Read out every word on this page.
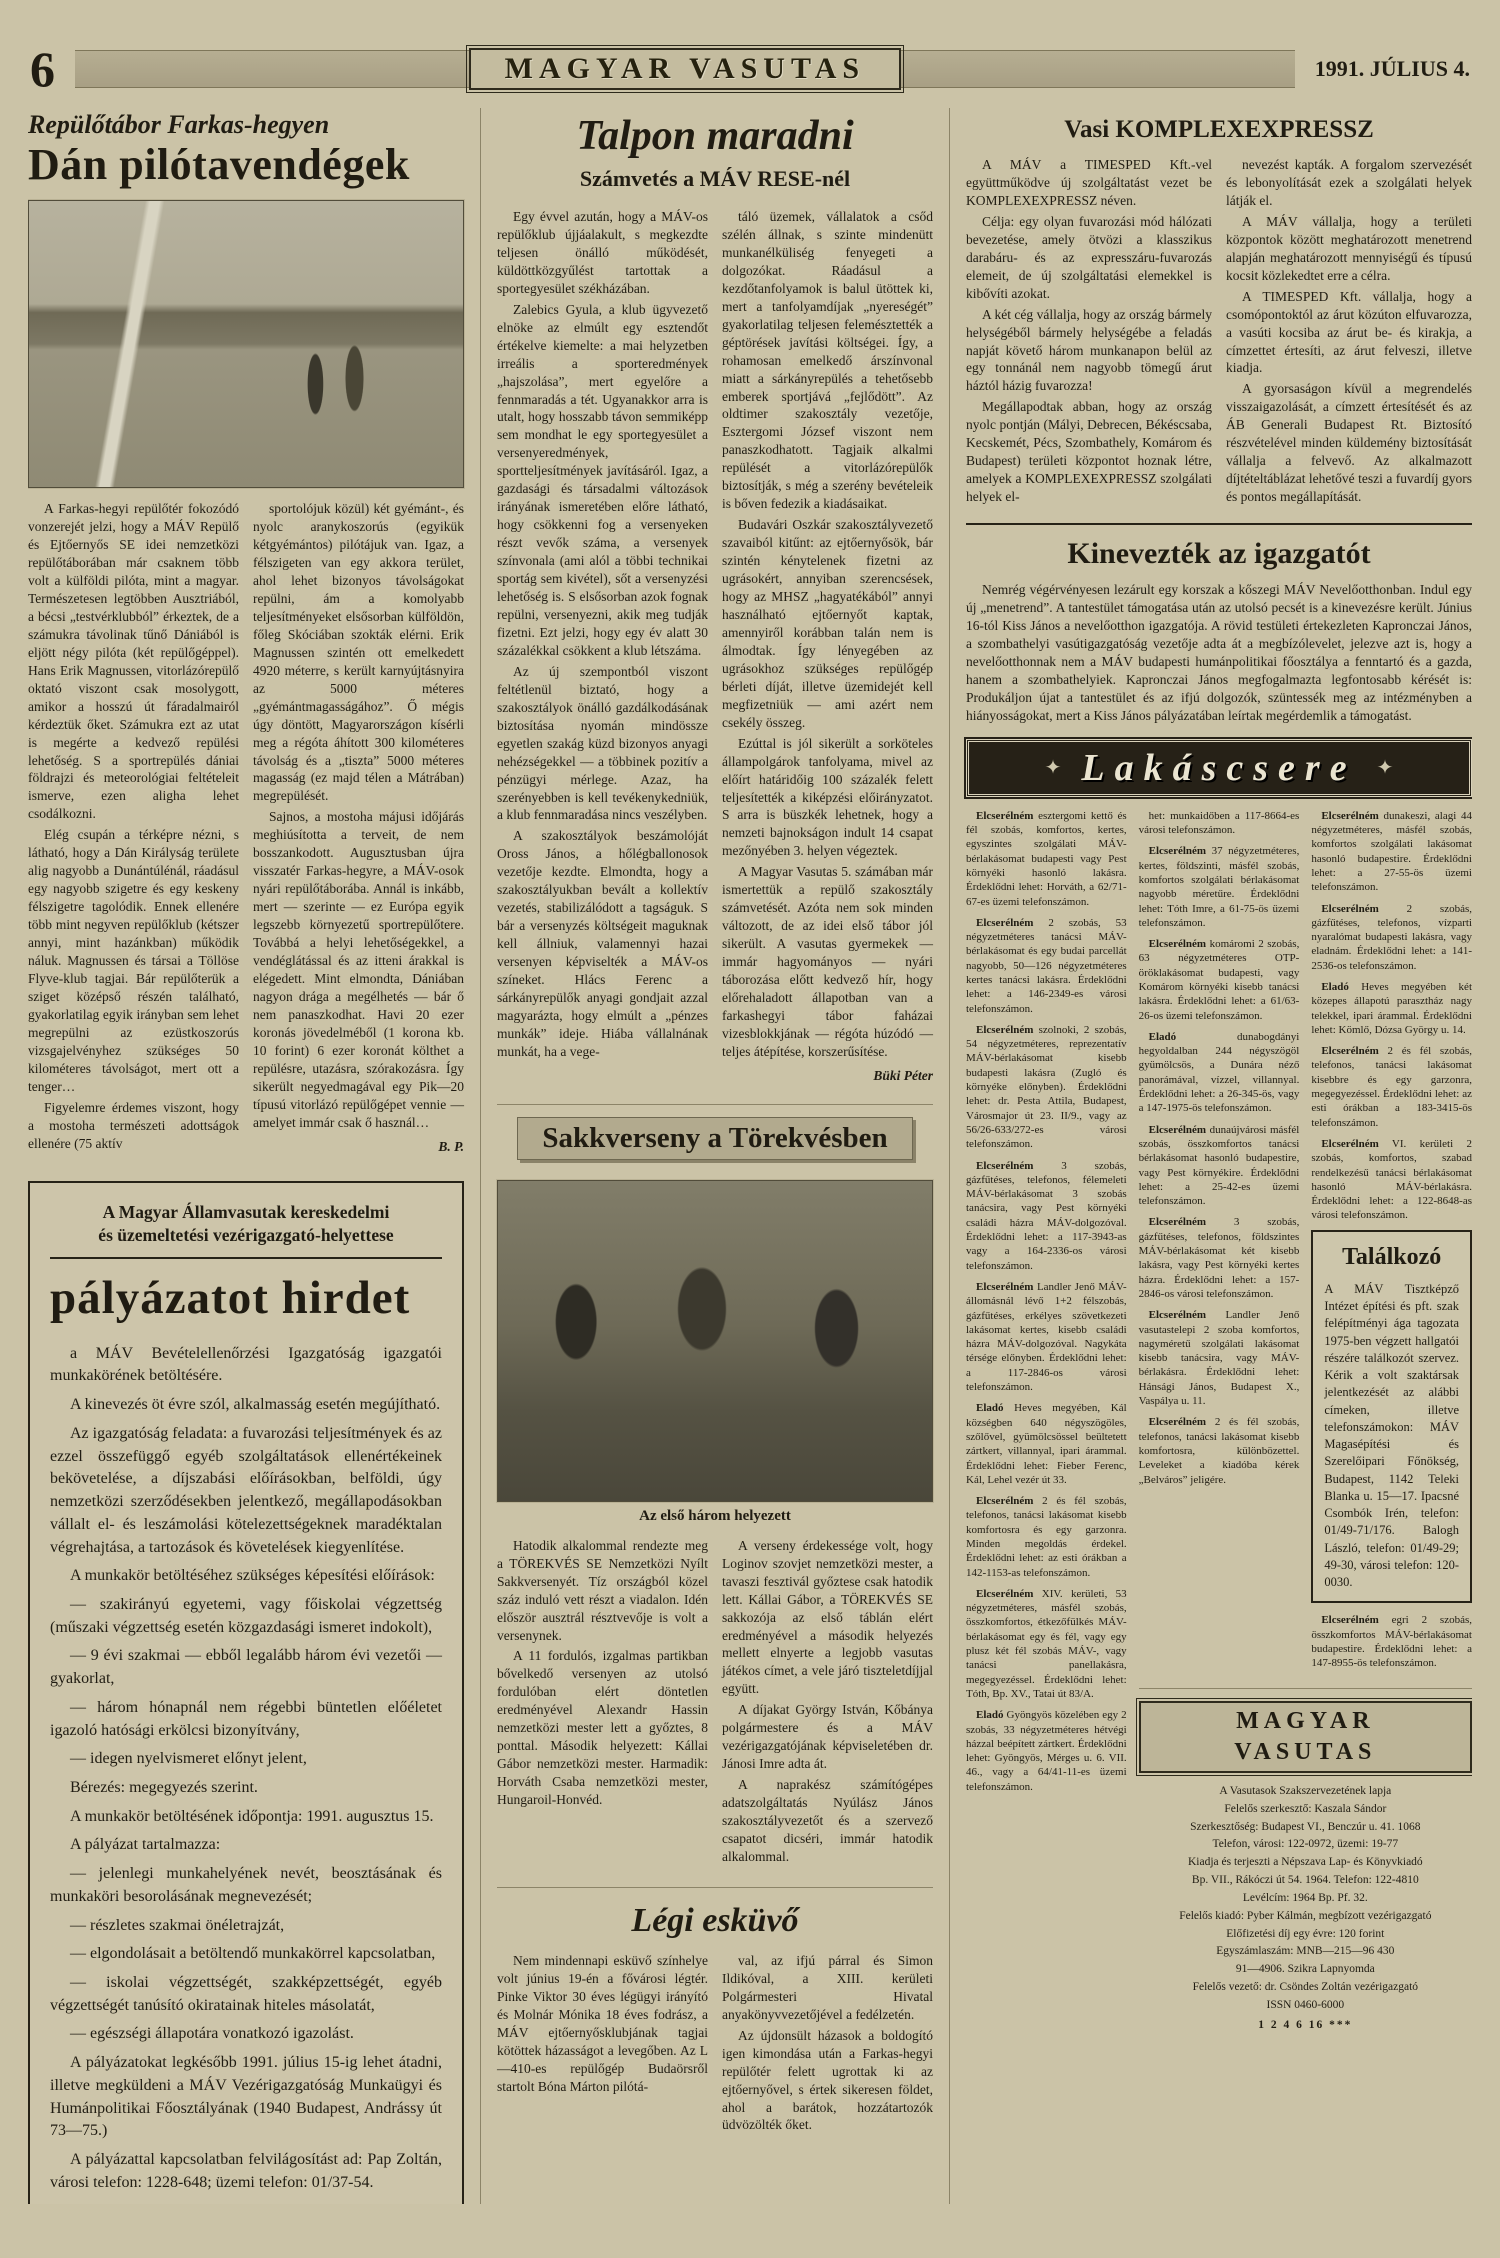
6	MAGYAR VASUTAS	1991. JÚLIUS 4.
Repülőtábor Farkas-hegyen
Dán pilótavendégek

A Farkas-hegyi repülőtér fokozódó vonzerejét jelzi, hogy a MÁV Repülő és Ejtőernyős SE idei nemzetközi repülőtáborában már csaknem több volt a külföldi pilóta, mint a magyar. Természetesen legtöbben Ausztriából, a bécsi „testvérklubból” érkeztek, de a számukra távolinak tűnő Dániából is eljött négy pilóta (két repülőgéppel). Hans Erik Magnussen, vitorlázórepülő oktató viszont csak mosolygott, amikor a hosszú út fáradalmairól kérdeztük őket. Számukra ezt az utat is megérte a kedvező repülési lehetőség. S a sportrepülés dániai földrajzi és meteorológiai feltételeit ismerve, ezen aligha lehet csodálkozni.

Elég csupán a térképre nézni, s látható, hogy a Dán Királyság területe alig nagyobb a Dunántúlénál, ráadásul egy nagyobb szigetre és egy keskeny félszigetre tagolódik. Ennek ellenére több mint negyven repülőklub (kétszer annyi, mint hazánkban) működik náluk. Magnussen és társai a Töllöse Flyve-klub tagjai. Bár repülőterük a sziget középső részén található, gyakorlatilag egyik irányban sem lehet megrepülni az ezüstkoszorús vizsgajelvényhez szükséges 50 kilométeres távolságot, mert ott a tenger…

Figyelemre érdemes viszont, hogy a mostoha természeti adottságok ellenére (75 aktív

sportolójuk közül) két gyémánt-, és nyolc aranykoszorús (egyikük kétgyémántos) pilótájuk van. Igaz, a félszigeten van egy akkora terület, ahol lehet bizonyos távolságokat repülni, ám a komolyabb teljesítményeket elsősorban külföldön, főleg Skóciában szokták elérni. Erik Magnussen szintén ott emelkedett 4920 méterre, s került karnyújtásnyira az 5000 méteres „gyémántmagasságához”. Ő mégis úgy döntött, Magyarországon kísérli meg a régóta áhított 300 kilométeres távolság és a „tiszta” 5000 méteres magasság (ez majd télen a Mátrában) megrepülését.

Sajnos, a mostoha májusi időjárás meghiúsította a terveit, de nem bosszankodott. Augusztusban újra visszatér Farkas-hegyre, a MÁV-osok nyári repülőtáborába. Annál is inkább, mert — szerinte — ez Európa egyik legszebb környezetű sportrepülőtere. Továbbá a helyi lehetőségekkel, a vendéglátással és az itteni árakkal is elégedett. Mint elmondta, Dániában nagyon drága a megélhetés — bár ő nem panaszkodhat. Havi 20 ezer koronás jövedelméből (1 korona kb. 10 forint) 6 ezer koronát költhet a repülésre, utazásra, szórakozásra. Így sikerült negyedmagával egy Pik—20 típusú vitorlázó repülőgépet vennie — amelyet immár csak ő használ…

B. P.

A Magyar Államvasutak kereskedelmi
és üzemeltetési vezérigazgató-helyettese
pályázatot hirdet

a MÁV Bevételellenőrzési Igazgatóság igazgatói munkakörének betöltésére.

A kinevezés öt évre szól, alkalmasság esetén megújítható.

Az igazgatóság feladata: a fuvarozási teljesítmények és az ezzel összefüggő egyéb szolgáltatások ellenértékeinek bekövetelése, a díjszabási előírásokban, belföldi, úgy nemzetközi szerződésekben jelentkező, megállapodásokban vállalt el- és leszámolási kötelezettségeknek maradéktalan végrehajtása, a tartozások és követelések kiegyenlítése.

A munkakör betöltéséhez szükséges képesítési előírások:

— szakirányú egyetemi, vagy főiskolai végzettség (műszaki végzettség esetén közgazdasági ismeret indokolt),

— 9 évi szakmai — ebből legalább három évi vezetői — gyakorlat,

— három hónapnál nem régebbi büntetlen előéletet igazoló hatósági erkölcsi bizonyítvány,

— idegen nyelvismeret előnyt jelent,

Bérezés: megegyezés szerint.

A munkakör betöltésének időpontja: 1991. augusztus 15.

A pályázat tartalmazza:

— jelenlegi munkahelyének nevét, beosztásának és munkaköri besorolásának megnevezését;

— részletes szakmai önéletrajzát,

— elgondolásait a betöltendő munkakörrel kapcsolatban,

— iskolai végzettségét, szakképzettségét, egyéb végzettségét tanúsító okiratainak hiteles másolatát,

— egészségi állapotára vonatkozó igazolást.

A pályázatokat legkésőbb 1991. július 15-ig lehet átadni, illetve megküldeni a MÁV Vezérigazgatóság Munkaügyi és Humánpolitikai Főosztályának (1940 Budapest, Andrássy út 73—75.)

A pályázattal kapcsolatban felvilágosítást ad: Pap Zoltán, városi telefon: 1228-648; üzemi telefon: 01/37-54.

Talpon maradni
Számvetés a MÁV RESE-nél

Egy évvel azután, hogy a MÁV-os repülőklub újjáalakult, s megkezdte teljesen önálló működését, küldöttközgyűlést tartottak a sportegyesület székházában.

Zalebics Gyula, a klub ügyvezető elnöke az elmúlt egy esztendőt értékelve kiemelte: a mai helyzetben irreális a sporteredmények „hajszolása”, mert egyelőre a fennmaradás a tét. Ugyanakkor arra is utalt, hogy hosszabb távon semmiképp sem mondhat le egy sportegyesület a versenyeredmények, sportteljesítmények javításáról. Igaz, a gazdasági és társadalmi változások irányának ismeretében előre látható, hogy csökkenni fog a versenyeken részt vevők száma, a versenyek színvonala (ami alól a többi technikai sportág sem kivétel), sőt a versenyzési lehetőség is. S elsősorban azok fognak repülni, versenyezni, akik meg tudják fizetni. Ezt jelzi, hogy egy év alatt 30 százalékkal csökkent a klub létszáma.

Az új szempontból viszont feltétlenül biztató, hogy a szakosztályok önálló gazdálkodásának biztosítása nyomán mindössze egyetlen szakág küzd bizonyos anyagi nehézségekkel — a többinek pozitív a pénzügyi mérlege. Azaz, ha szerényebben is kell tevékenykedniük, a klub fennmaradása nincs veszélyben.

A szakosztályok beszámolóját Oross János, a hőlégballonosok vezetője kezdte. Elmondta, hogy a szakosztályukban bevált a kollektív vezetés, stabilizálódott a tagságuk. S bár a versenyzés költségeit maguknak kell állniuk, valamennyi hazai versenyen képviselték a MÁV-os színeket. Hlács Ferenc a sárkányrepülők anyagi gondjait azzal magyarázta, hogy elmúlt a „pénzes munkák” ideje. Hiába vállalnának munkát, ha a vege-

táló üzemek, vállalatok a csőd szélén állnak, s szinte mindenütt munkanélküliség fenyegeti a dolgozókat. Ráadásul a kezdőtanfolyamok is balul ütöttek ki, mert a tanfolyamdíjak „nyereségét” gyakorlatilag teljesen felemésztették a géptörések javítási költségei. Így, a rohamosan emelkedő árszínvonal miatt a sárkányrepülés a tehetősebb emberek sportjává „fejlődött”. Az oldtimer szakosztály vezetője, Esztergomi József viszont nem panaszkodhatott. Tagjaik alkalmi repülését a vitorlázórepülők biztosítják, s még a szerény bevételeik is bőven fedezik a kiadásaikat.

Budavári Oszkár szakosztályvezető szavaiból kitűnt: az ejtőernyősök, bár szintén kénytelenek fizetni az ugrásokért, annyiban szerencsések, hogy az MHSZ „hagyatékából” annyi használható ejtőernyőt kaptak, amennyiről korábban talán nem is álmodtak. Így lényegében az ugrásokhoz szükséges repülőgép bérleti díját, illetve üzemidejét kell megfizetniük — ami azért nem csekély összeg.

Ezúttal is jól sikerült a sorköteles állampolgárok tanfolyama, mivel az előírt határidőig 100 százalék felett teljesítették a kiképzési előirányzatot. S arra is büszkék lehetnek, hogy a nemzeti bajnokságon indult 14 csapat mezőnyében 3. helyen végeztek.

A Magyar Vasutas 5. számában már ismertettük a repülő szakosztály számvetését. Azóta nem sok minden változott, de az idei első tábor jól sikerült. A vasutas gyermekek — immár hagyományos — nyári táborozása előtt kedvező hír, hogy előrehaladott állapotban van a farkashegyi tábor faházai vizesblokkjának — régóta húzódó — teljes átépítése, korszerűsítése.

Büki Péter

Sakkverseny a Törekvésben
Az első három helyezett

Hatodik alkalommal rendezte meg a TÖREKVÉS SE Nemzetközi Nyílt Sakkversenyét. Tíz országból közel száz induló vett részt a viadalon. Idén először ausztrál résztvevője is volt a versenynek.

A 11 fordulós, izgalmas partikban bővelkedő versenyen az utolsó fordulóban elért döntetlen eredményével Alexandr Hassin nemzetközi mester lett a győztes, 8 ponttal. Második helyezett: Kállai Gábor nemzetközi mester. Harmadik: Horváth Csaba nemzetközi mester, Hungaroil-Honvéd.

A verseny érdekessége volt, hogy Loginov szovjet nemzetközi mester, a tavaszi fesztivál győztese csak hatodik lett. Kállai Gábor, a TÖREKVÉS SE sakkozója az első táblán elért eredményével a második helyezés mellett elnyerte a legjobb vasutas játékos címet, a vele járó tiszteletdíjjal együtt.

A díjakat György István, Kőbánya polgármestere és a MÁV vezérigazgatójának képviseletében dr. Jánosi Imre adta át.

A naprakész számítógépes adatszolgáltatás Nyúlász János szakosztályvezetőt és a szervező csapatot dicséri, immár hatodik alkalommal.

Légi esküvő

Nem mindennapi esküvő színhelye volt június 19-én a fővárosi légtér. Pinke Viktor 30 éves légügyi irányító és Molnár Mónika 18 éves fodrász, a MÁV ejtőernyősklubjának tagjai kötöttek házasságot a levegőben. Az L—410-es repülőgép Budaörsről startolt Bóna Márton pilótá-

val, az ifjú párral és Simon Ildikóval, a XIII. kerületi Polgármesteri Hivatal anyakönyvvezetőjével a fedélzetén.

Az újdonsült házasok a boldogító igen kimondása után a Farkas-hegyi repülőtér felett ugrottak ki az ejtőernyővel, s értek sikeresen földet, ahol a barátok, hozzátartozók üdvözölték őket.

Vasi KOMPLEXEXPRESSZ

A MÁV a TIMESPED Kft.-vel együttműködve új szolgáltatást vezet be KOMPLEXEXPRESSZ néven.

Célja: egy olyan fuvarozási mód hálózati bevezetése, amely ötvözi a klasszikus darabáru- és az expresszáru-fuvarozás elemeit, de új szolgáltatási elemekkel is kibővíti azokat.

A két cég vállalja, hogy az ország bármely helységéből bármely helységébe a feladás napját követő három munkanapon belül az egy tonnánál nem nagyobb tömegű árut háztól házig fuvarozza!

Megállapodtak abban, hogy az ország nyolc pontján (Mályi, Debrecen, Békéscsaba, Kecskemét, Pécs, Szombathely, Komárom és Budapest) területi központot hoznak létre, amelyek a KOMPLEXEXPRESSZ szolgálati helyek el-

nevezést kapták. A forgalom szervezését és lebonyolítását ezek a szolgálati helyek látják el.

A MÁV vállalja, hogy a területi központok között meghatározott menetrend alapján meghatározott mennyiségű és típusú kocsit közlekedtet erre a célra.

A TIMESPED Kft. vállalja, hogy a csomópontoktól az árut közúton elfuvarozza, a vasúti kocsiba az árut be- és kirakja, a címzettet értesíti, az árut felveszi, illetve kiadja.

A gyorsaságon kívül a megrendelés visszaigazolását, a címzett értesítését és az ÁB Generali Budapest Rt. Biztosító részvételével minden küldemény biztosítását vállalja a felvevő. Az alkalmazott díjtételtáblázat lehetővé teszi a fuvardíj gyors és pontos megállapítását.

Kinevezték az igazgatót

Nemrég végérvényesen lezárult egy korszak a kőszegi MÁV Nevelőotthonban. Indul egy új „menetrend”. A tantestület támogatása után az utolsó pecsét is a kinevezésre került. Június 16-tól Kiss János a nevelőotthon igazgatója. A rövid testületi értekezleten Kapronczai János, a szombathelyi vasútigazgatóság vezetője adta át a megbízólevelet, jelezve azt is, hogy a nevelőotthonnak nem a MÁV budapesti humánpolitikai főosztálya a fenntartó és a gazda, hanem a szombathelyiek. Kapronczai János megfogalmazta legfontosabb kérését is: Produkáljon újat a tantestület és az ifjú dolgozók, szüntessék meg az intézményben a hiányosságokat, mert a Kiss János pályázatában leírtak megérdemlik a támogatást.

✦ Lakáscsere ✦

Elcserélném esztergomi kettő és fél szobás, komfortos, kertes, egyszintes szolgálati MÁV-bérlakásomat budapesti vagy Pest környéki hasonló lakásra. Érdeklődni lehet: Horváth, a 62/71-67-es üzemi telefonszámon.

Elcserélném 2 szobás, 53 négyzetméteres tanácsi MÁV-bérlakásomat és egy budai parcellát nagyobb, 50—126 négyzetméteres kertes tanácsi lakásra. Érdeklődni lehet: a 146-2349-es városi telefonszámon.

Elcserélném szolnoki, 2 szobás, 54 négyzetméteres, reprezentatív MÁV-bérlakásomat kisebb budapesti lakásra (Zugló és környéke előnyben). Érdeklődni lehet: dr. Pesta Attila, Budapest, Városmajor út 23. II/9., vagy az 56/26-633/272-es városi telefonszámon.

Elcserélném	3 szobás, gázfűtéses, telefonos, félemeleti MÁV-bérlakásomat 3 szobás tanácsira, vagy Pest környéki családi házra MÁV-dolgozóval. Érdeklődni lehet: a 117-3943-as vagy a 164-2336-os városi telefonszámon.

Elcserélném Landler Jenő MÁV-állomásnál lévő 1+2 félszobás, gázfűtéses, erkélyes szövetkezeti lakásomat kertes, kisebb családi házra MÁV-dolgozóval. Nagykáta térsége előnyben. Érdeklődni lehet: a 117-2846-os városi telefonszámon.

Eladó Heves megyében, Kál községben 640 négyszögöles, szőlővel, gyümölcsössel beültetett zártkert, villannyal, ipari árammal. Érdeklődni lehet: Fieber Ferenc, Kál, Lehel vezér út 33.

Elcserélném 2 és fél szobás, telefonos, tanácsi lakásomat kisebb komfortosra és egy garzonra. Minden megoldás érdekel. Érdeklődni lehet: az esti órákban a 142-1153-as telefonszámon.

Elcserélném XIV. kerületi, 53 négyzetméteres, másfél szobás, összkomfortos, étkezőfülkés MÁV-bérlakásomat egy és fél, vagy egy plusz két fél szobás MÁV-, vagy tanácsi panellakásra, megegyezéssel. Érdeklődni lehet: Tóth, Bp. XV., Tatai út 83/A.

Eladó Gyöngyös közelében egy 2 szobás, 33 négyzetméteres hétvégi házzal beépített zártkert. Érdeklődni lehet: Gyöngyös, Mérges u. 6. VII. 46., vagy a 64/41-11-es üzemi telefonszámon.

het: munkaidőben a 117-8664-es városi telefonszámon.

Elcserélném 37 négyzetméteres, kertes, földszinti, másfél szobás, komfortos szolgálati bérlakásomat nagyobb méretűre. Érdeklődni lehet: Tóth Imre, a 61-75-ös üzemi telefonszámon.

Elcserélném komáromi 2 szobás, 63 négyzetméteres OTP-öröklakásomat budapesti, vagy Komárom környéki kisebb tanácsi lakásra. Érdeklődni lehet: a 61/63-26-os üzemi telefonszámon.

Eladó	dunabogdányi hegyoldalban 244 négyszögöl gyümölcsös, a Dunára néző panorámával, vízzel, villannyal. Érdeklődni lehet: a 26-345-ös, vagy a 147-1975-ös telefonszámon.

Elcserélném dunaújvárosi másfél szobás, összkomfortos tanácsi bérlakásomat hasonló budapestire, vagy Pest környékire. Érdeklődni lehet: a 25-42-es üzemi telefonszámon.

Elcserélném	3 szobás, gázfűtéses, telefonos, földszintes MÁV-bérlakásomat két kisebb lakásra, vagy Pest környéki kertes házra. Érdeklődni lehet: a 157-2846-os városi telefonszámon.

Elcserélném Landler Jenő vasutastelepi 2 szoba komfortos, nagyméretű szolgálati lakásomat kisebb tanácsira, vagy MÁV-bérlakásra. Érdeklődni lehet: Hánsági János, Budapest X., Vaspálya u. 11.

Elcserélném 2 és fél szobás, telefonos, tanácsi lakásomat kisebb komfortosra, különbözettel. Leveleket a kiadóba kérek „Belváros” jeligére.

Elcserélném dunakeszi, alagi 44 négyzetméteres, másfél szobás, komfortos szolgálati lakásomat hasonló budapestire. Érdeklődni lehet: a 27-55-ös üzemi telefonszámon.

Elcserélném	2 szobás, gázfűtéses, telefonos, vízparti nyaralómat budapesti lakásra, vagy eladnám. Érdeklődni lehet: a 141-2536-os telefonszámon.

Eladó Heves megyében két közepes állapotú parasztház nagy telekkel, ipari árammal. Érdeklődni lehet: Kömlő, Dózsa György u. 14.

Elcserélném 2 és fél szobás, telefonos, tanácsi lakásomat kisebbre és egy garzonra, megegyezéssel. Érdeklődni lehet: az esti órákban a 183-3415-ös telefonszámon.

Elcserélném VI. kerületi 2 szobás, komfortos, szabad rendelkezésű tanácsi bérlakásomat hasonló MÁV-bérlakásra. Érdeklődni lehet: a 122-8648-as városi telefonszámon.

Találkozó
A MÁV Tisztképző Intézet építési és pft. szak felépítményi ága tagozata 1975-ben végzett hallgatói részére találkozót szervez. Kérik a volt szaktársak jelentkezését az alábbi címeken, illetve telefonszámokon: MÁV Magasépítési és Szerelőipari Főnökség, Budapest, 1142 Teleki Blanka u. 15—17. Ipacsné Csombók Irén, telefon: 01/49-71/176. Balogh László, telefon: 01/49-29; 49-30, városi telefon: 120-0030.

Elcserélném egri 2 szobás, összkomfortos MÁV-bérlakásomat budapestire. Érdeklődni lehet: a 147-8955-ös telefonszámon.

MAGYAR VASUTAS
A Vasutasok Szakszervezetének lapja
Felelős szerkesztő: Kaszala Sándor
Szerkesztőség: Budapest VI., Benczúr u. 41. 1068
Telefon, városi: 122-0972, üzemi: 19-77
Kiadja és terjeszti a Népszava Lap- és Könyvkiadó
Bp. VII., Rákóczi út 54. 1964. Telefon: 122-4810
Levélcím: 1964 Bp. Pf. 32.
Felelős kiadó: Pyber Kálmán, megbízott vezérigazgató
Előfizetési díj egy évre: 120 forint
Egyszámlaszám: MNB—215—96 430
91—4906. Szikra Lapnyomda
Felelős vezető: dr. Csöndes Zoltán vezérigazgató
ISSN 0460-6000
1 2 4 6 16 ***
